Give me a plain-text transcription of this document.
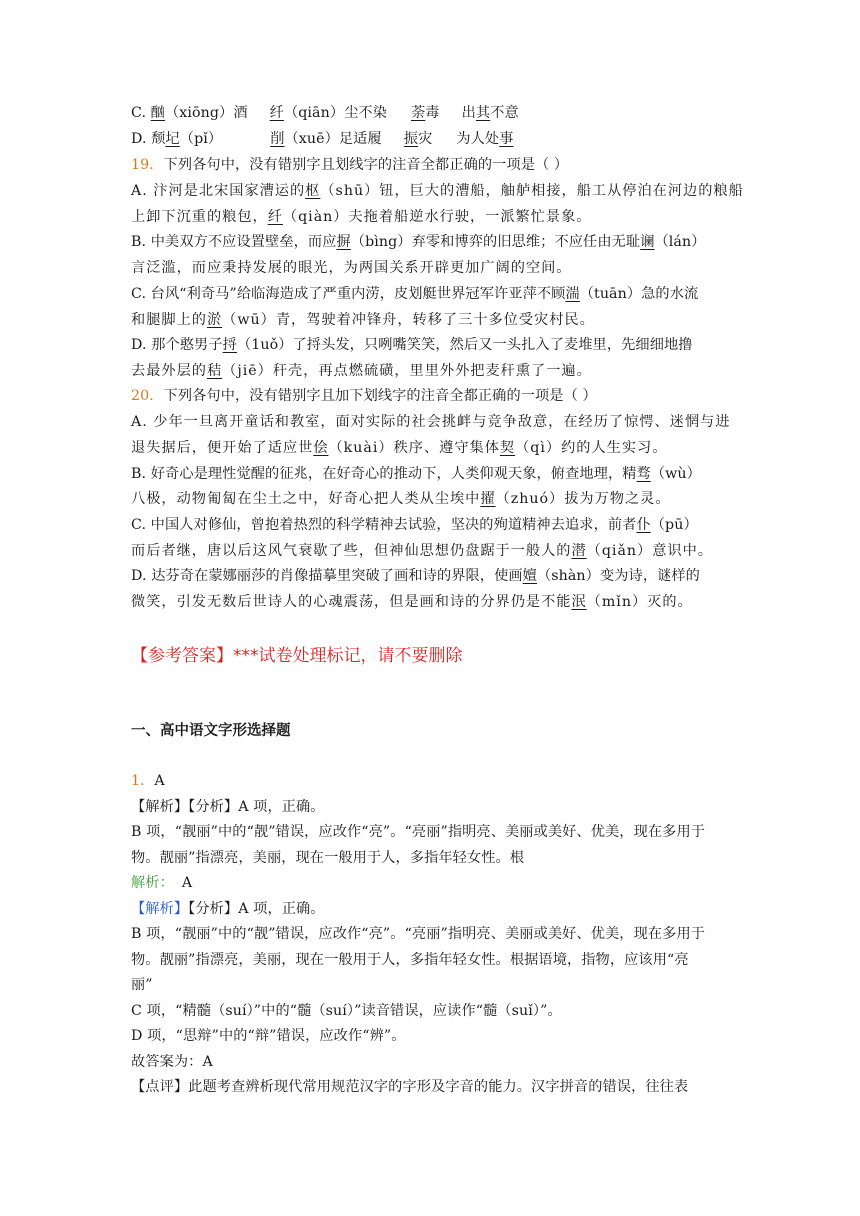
C. 酗（xiōng）酒 纤（qiān）尘不染 荼毒 出其不意
D. 颓圮（pǐ）	削（xuē）足适履 振灾 为人处事
19．下列各句中，没有错别字且划线字的注音全都正确的一项是（ ）
A. 汴河是北宋国家漕运的枢（shū）钮，巨大的漕船，舳舻相接，船工从停泊在河边的粮船
上卸下沉重的粮包，纤（qiàn）夫拖着船逆水行驶，一派繁忙景象。
B. 中美双方不应设置壁垒，而应摒（bìng）弃零和博弈的旧思维；不应任由无耻谰（lán）
言泛滥，而应秉持发展的眼光，为两国关系开辟更加广阔的空间。
C. 台风“利奇马”给临海造成了严重内涝，皮划艇世界冠军许亚萍不顾湍（tuān）急的水流
和腿脚上的淤（wū）青，驾驶着冲锋舟，转移了三十多位受灾村民。
D. 那个憨男子捋（1uǒ）了捋头发，只咧嘴笑笑，然后又一头扎入了麦堆里，先细细地撸
去最外层的秸（jiē）秆壳，再点燃硫磺，里里外外把麦秆熏了一遍。
20．下列各句中，没有错别字且加下划线字的注音全都正确的一项是（ ）
A. 少年一旦离开童话和教室，面对实际的社会挑衅与竞争敌意，在经历了惊愕、迷惘与进
退失据后，便开始了适应世侩（kuài）秩序、遵守集体契（qì）约的人生实习。
B. 好奇心是理性觉醒的征兆，在好奇心的推动下，人类仰观天象，俯查地理，精骛（wù）
八极，动物匍匐在尘土之中，好奇心把人类从尘埃中擢（zhuó）拔为万物之灵。
C. 中国人对修仙，曾抱着热烈的科学精神去试验，坚决的殉道精神去追求，前者仆（pū）
而后者继，唐以后这风气衰歇了些，但神仙思想仍盘踞于一般人的潜（qiǎn）意识中。
D. 达芬奇在蒙娜丽莎的肖像描摹里突破了画和诗的界限，使画嬗（shàn）变为诗，谜样的
微笑，引发无数后世诗人的心魂震荡，但是画和诗的分界仍是不能泯（mǐn）灭的。
【参考答案】***试卷处理标记，请不要删除
一、高中语文字形选择题
1．A
【解析】【分析】A 项，正确。
B 项，“靓丽”中的“靓”错误，应改作“亮”。“亮丽”指明亮、美丽或美好、优美，现在多用于
物。靓丽”指漂亮，美丽，现在一般用于人，多指年轻女性。根
解析： A
【解析】【分析】A 项，正确。
B 项，“靓丽”中的“靓”错误，应改作“亮”。“亮丽”指明亮、美丽或美好、优美，现在多用于
物。靓丽”指漂亮，美丽，现在一般用于人，多指年轻女性。根据语境，指物，应该用“亮
丽”
C 项，“精髓（suí）”中的“髓（suí）”读音错误，应读作“髓（suǐ）”。
D 项，“思辩”中的“辩”错误，应改作“辨”。
故答案为：A
【点评】此题考查辨析现代常用规范汉字的字形及字音的能力。汉字拼音的错误，往往表
